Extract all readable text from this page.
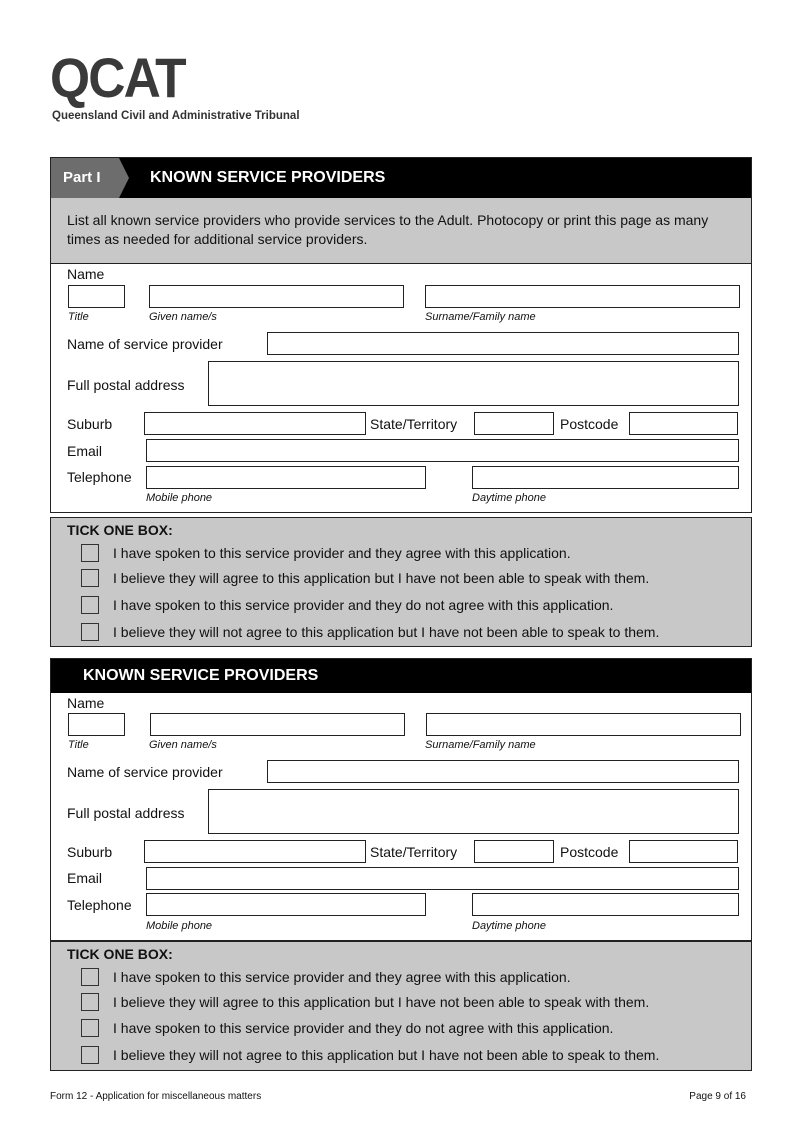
QCAT
Queensland Civil and Administrative Tribunal
Part I	KNOWN SERVICE PROVIDERS
List all known service providers who provide services to the Adult. Photocopy or print this page as many times as needed for additional service providers.
Name
Title	Given name/s	Surname/Family name
Name of service provider
Full postal address
Suburb	State/Territory	Postcode
Email
Telephone
Mobile phone	Daytime phone
TICK ONE BOX:
I have spoken to this service provider and they agree with this application.
I believe they will agree to this application but I have not been able to speak with them.
I have spoken to this service provider and they do not agree with this application.
I believe they will not agree to this application but I have not been able to speak to them.
KNOWN SERVICE PROVIDERS
Name
Title	Given name/s	Surname/Family name
Name of service provider
Full postal address
Suburb	State/Territory	Postcode
Email
Telephone
Mobile phone	Daytime phone
TICK ONE BOX:
I have spoken to this service provider and they agree with this application.
I believe they will agree to this application but I have not been able to speak with them.
I have spoken to this service provider and they do not agree with this application.
I believe they will not agree to this application but I have not been able to speak to them.
Form 12 - Application for miscellaneous matters	Page 9 of 16
